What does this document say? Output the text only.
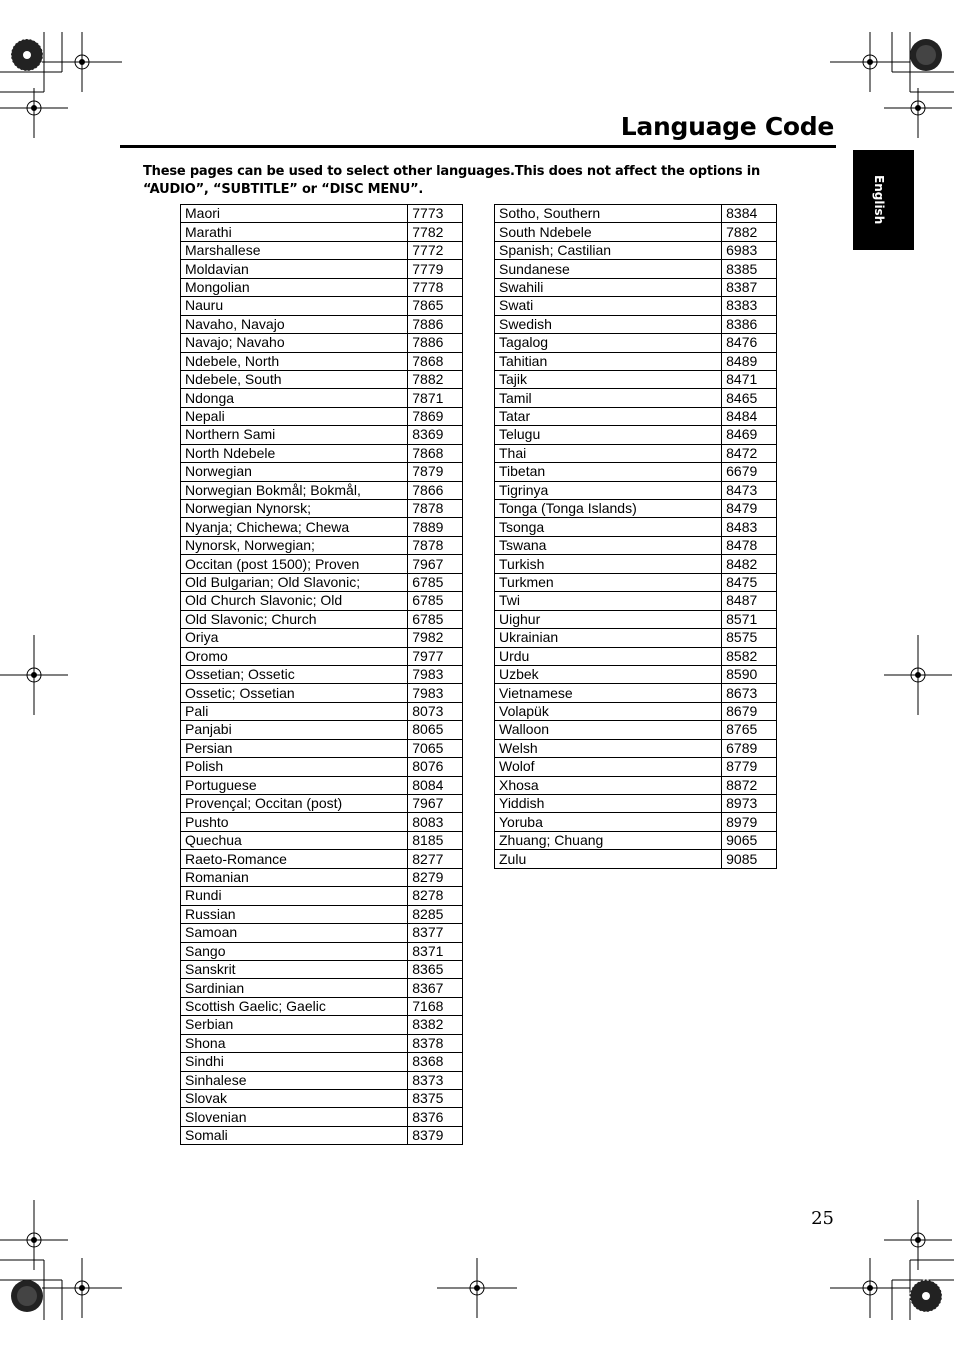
Language Code
These pages can be used to select other languages.This does not affect the options in “AUDIO”, “SUBTITLE” or “DISC MENU”.	English
Maori	7773
Marathi	7782
Marshallese	7772
Moldavian	7779
Mongolian	7778
Nauru	7865
Navaho, Navajo	7886
Navajo; Navaho	7886
Ndebele, North	7868
Ndebele, South	7882
Ndonga	7871
Nepali	7869
Northern Sami	8369
North Ndebele	7868
Norwegian	7879
Norwegian Bokmål; Bokmål,	7866
Norwegian Nynorsk;	7878
Nyanja; Chichewa; Chewa	7889
Nynorsk, Norwegian;	7878
Occitan (post 1500); Proven	7967
Old Bulgarian; Old Slavonic;	6785
Old Church Slavonic; Old	6785
Old Slavonic; Church	6785
Oriya	7982
Oromo	7977
Ossetian; Ossetic	7983
Ossetic; Ossetian	7983
Pali	8073
Panjabi	8065
Persian	7065
Polish	8076
Portuguese	8084
Provençal; Occitan (post)	7967
Pushto	8083
Quechua	8185
Raeto-Romance	8277
Romanian	8279
Rundi	8278
Russian	8285
Samoan	8377
Sango	8371
Sanskrit	8365
Sardinian	8367
Scottish Gaelic; Gaelic	7168
Serbian	8382
Shona	8378
Sindhi	8368
Sinhalese	8373
Slovak	8375
Slovenian	8376
Somali	8379
Sotho, Southern	8384
South Ndebele	7882
Spanish; Castilian	6983
Sundanese	8385
Swahili	8387
Swati	8383
Swedish	8386
Tagalog	8476
Tahitian	8489
Tajik	8471
Tamil	8465
Tatar	8484
Telugu	8469
Thai	8472
Tibetan	6679
Tigrinya	8473
Tonga (Tonga Islands)	8479
Tsonga	8483
Tswana	8478
Turkish	8482
Turkmen	8475
Twi	8487
Uighur	8571
Ukrainian	8575
Urdu	8582
Uzbek	8590
Vietnamese	8673
Volapük	8679
Walloon	8765
Welsh	6789
Wolof	8779
Xhosa	8872
Yiddish	8973
Yoruba	8979
Zhuang; Chuang	9065
Zulu	9085
25
